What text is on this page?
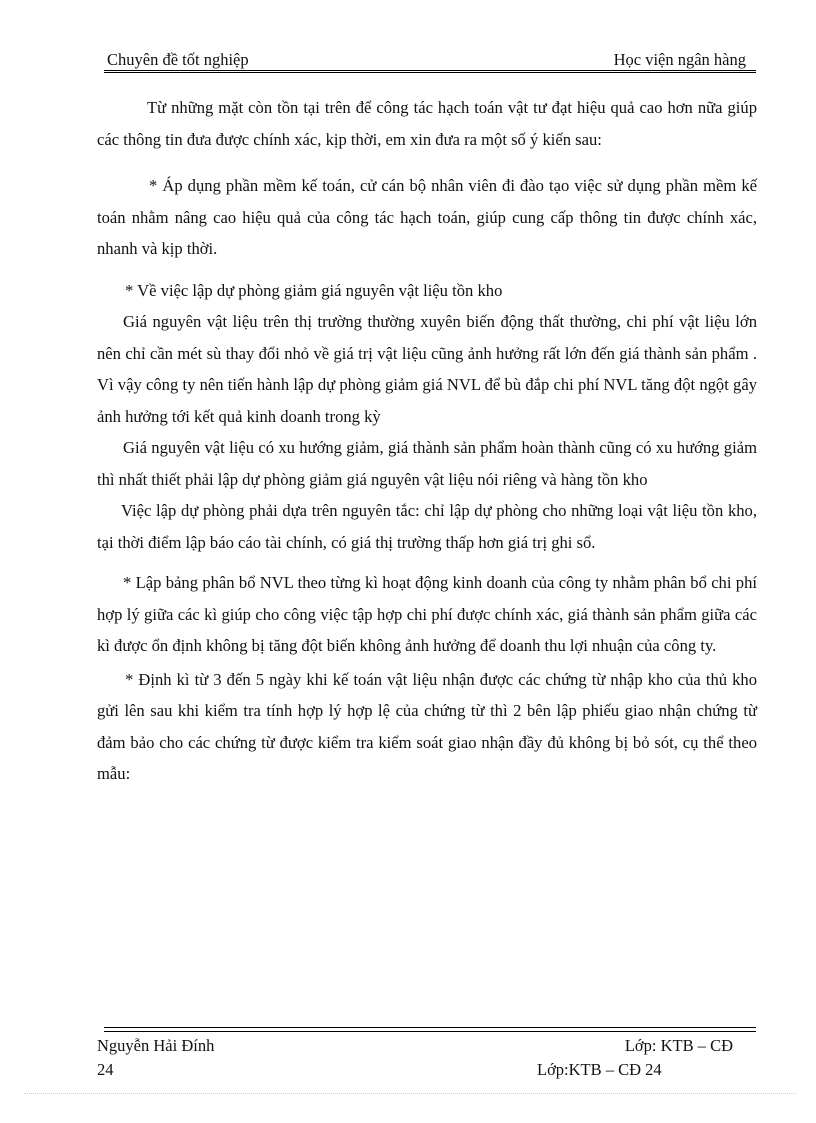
Chuyên đề tốt nghiệp	Học viện ngân hàng

Từ những mặt còn tồn tại trên để công tác hạch toán vật tư đạt hiệu quả cao hơn nữa giúp các thông tin đưa được chính xác, kịp thời, em xin đưa ra một số ý kiến sau:

* Áp dụng phần mềm kế toán, cử cán bộ nhân viên đi đào tạo việc sử dụng phần mềm kế toán nhằm nâng cao hiệu quả của công tác hạch toán, giúp cung cấp thông tin được chính xác, nhanh và kịp thời.

* Về việc lập dự phòng giảm giá nguyên vật liệu tồn kho

Giá nguyên vật liệu trên thị trường thường xuyên biến động thất thường, chi phí vật liệu lớn nên chỉ cần mét sù thay đổi nhỏ về giá trị vật liệu cũng ảnh hưởng rất lớn đến giá thành sản phẩm . Vì vậy công ty nên tiến hành lập dự phòng giảm giá NVL để bù đắp chi phí NVL tăng đột ngột gây ảnh hưởng tới kết quả kinh doanh trong kỳ

Giá nguyên vật liệu có xu hướng giảm, giá thành sản phẩm hoàn thành cũng có xu hướng giảm thì nhất thiết phải lập dự phòng giảm giá nguyên vật liệu nói riêng và hàng tồn kho

Việc lập dự phòng phải dựa trên nguyên tắc: chỉ lập dự phòng cho những loại vật liệu tồn kho, tại thời điểm lập báo cáo tài chính, có giá thị trường thấp hơn giá trị ghi sổ.

* Lập bảng phân bổ NVL theo từng kì hoạt động kinh doanh của công ty nhằm phân bổ chi phí hợp lý giữa các kì giúp cho công việc tập hợp chi phí được chính xác, giá thành sản phẩm giữa các kì được ổn định không bị tăng đột biến không ảnh hưởng để doanh thu lợi nhuận của công ty.

* Định kì từ 3 đến 5 ngày khi kế toán vật liệu nhận được các chứng từ nhập kho của thủ kho gửi lên sau khi kiểm tra tính hợp lý hợp lệ của chứng từ thì 2 bên lập phiếu giao nhận chứng từ đảm bảo cho các chứng từ được kiểm tra kiểm soát giao nhận đầy đủ không bị bỏ sót, cụ thể theo mẫu:

Nguyễn Hải Đính	Lớp: KTB – CĐ
24	Lớp:KTB – CĐ 24
